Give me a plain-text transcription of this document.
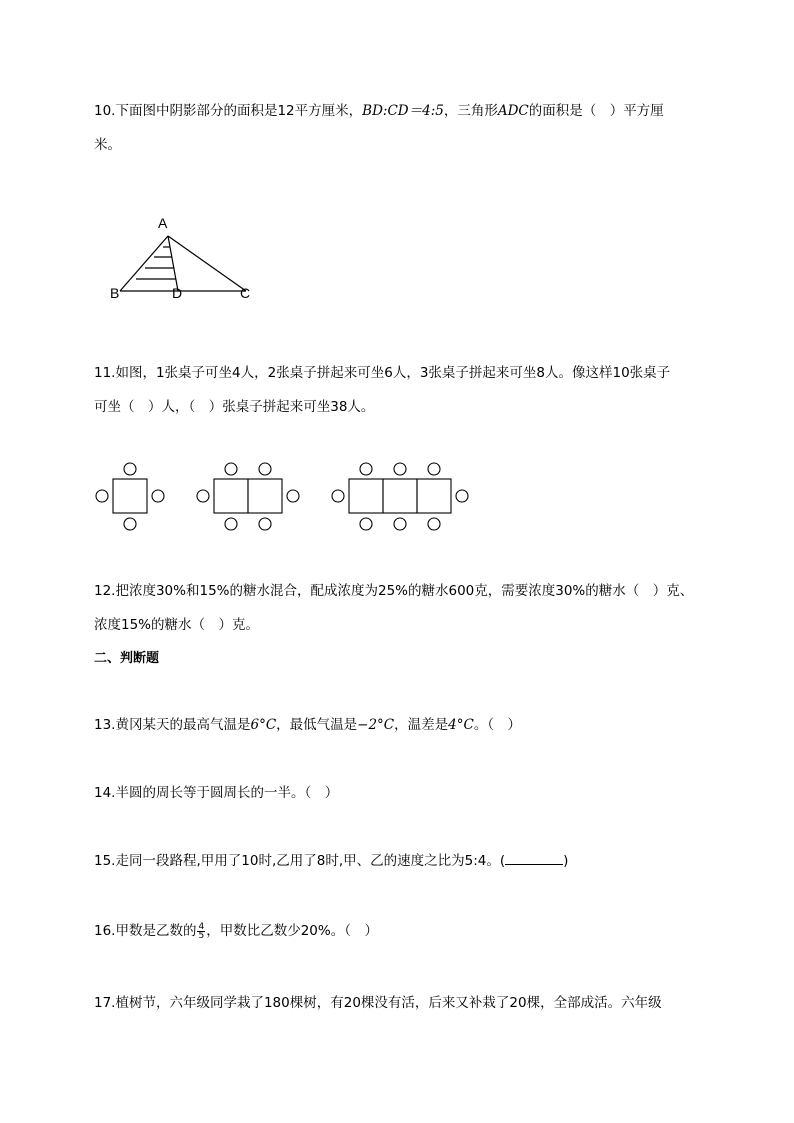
10.下面图中阴影部分的面积是12平方厘米，BD:CD＝4:5，三角形ADC的面积是（　）平方厘
米。
A
B	D	C
11.如图，1张桌子可坐4人，2张桌子拼起来可坐6人，3张桌子拼起来可坐8人。像这样10张桌子
可坐（　）人，（　）张桌子拼起来可坐38人。
12.把浓度30%和15%的糖水混合，配成浓度为25%的糖水600克，需要浓度30%的糖水（　）克、
浓度15%的糖水（　）克。
二、判断题
13.黄冈某天的最高气温是6°C，最低气温是−2°C，温差是4°C。（　）
14.半圆的周长等于圆周长的一半。（　）
15.走同一段路程,甲用了10时,乙用了8时,甲、乙的速度之比为5:4。(	)
16.甲数是乙数的 $\frac{4}{5}$ ，甲数比乙数少20%。（　）
17.植树节，六年级同学栽了180棵树，有20棵没有活，后来又补栽了20棵，全部成活。六年级
